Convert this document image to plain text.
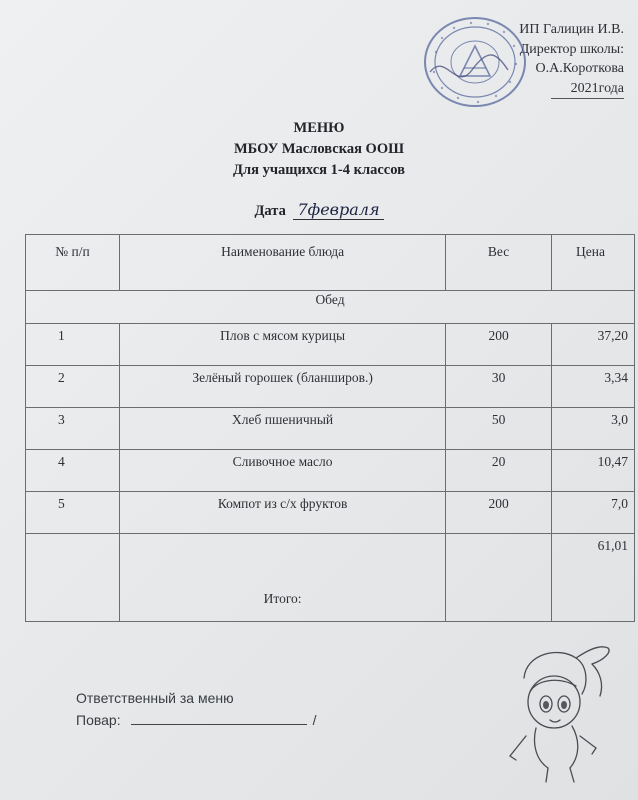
ИП Галицин И.В.
Директор школы:
О.А.Короткова
2021года
МЕНЮ
МБОУ Масловская ООШ
Для учащихся 1-4 классов
Дата 7февраля
№ п/п	Наименование блюда	Вес	Цена
Обед			
1	Плов с мясом курицы	200	37,20
2	Зелёный горошек (бланширов.)	30	3,34
3	Хлеб пшеничный	50	3,0
4	Сливочное масло	20	10,47
5	Компот из с/х фруктов	200	7,0
	Итого:		61,01
Ответственный за меню
Повар:	/
